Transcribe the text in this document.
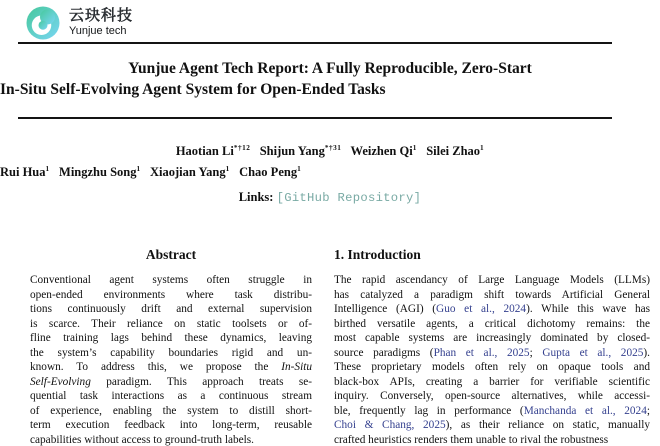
云玦科技
Yunjue tech
Yunjue Agent Tech Report: A Fully Reproducible, Zero-Start
In-Situ Self-Evolving Agent System for Open-Ended Tasks
Haotian Li$^{*\dagger 12}$ Shijun Yang$^{*\dagger 31}$ Weizhen Qi$^1$ Silei Zhao$^1$
Rui Hua$^1$ Mingzhu Song$^1$ Xiaojian Yang$^1$ Chao Peng$^1$
Links: [GitHub Repository]
Abstract
Conventional agent systems often struggle in
open-ended environments where task distribu-
tions continuously drift and external supervision
is scarce. Their reliance on static toolsets or of-
fline training lags behind these dynamics, leaving
the system’s capability boundaries rigid and un-
known. To address this, we propose the In-Situ
Self-Evolving paradigm. This approach treats se-
quential task interactions as a continuous stream
of experience, enabling the system to distill short-
term execution feedback into long-term, reusable
capabilities without access to ground-truth labels.
1. Introduction
The rapid ascendancy of Large Language Models (LLMs)
has catalyzed a paradigm shift towards Artificial General
Intelligence (AGI) (Guo et al., 2024). While this wave has
birthed versatile agents, a critical dichotomy remains: the
most capable systems are increasingly dominated by closed-
source paradigms (Phan et al., 2025; Gupta et al., 2025).
These proprietary models often rely on opaque tools and
black-box APIs, creating a barrier for verifiable scientific
inquiry. Conversely, open-source alternatives, while accessi-
ble, frequently lag in performance (Manchanda et al., 2024;
Choi & Chang, 2025), as their reliance on static, manually
crafted heuristics renders them unable to rival the robustness
